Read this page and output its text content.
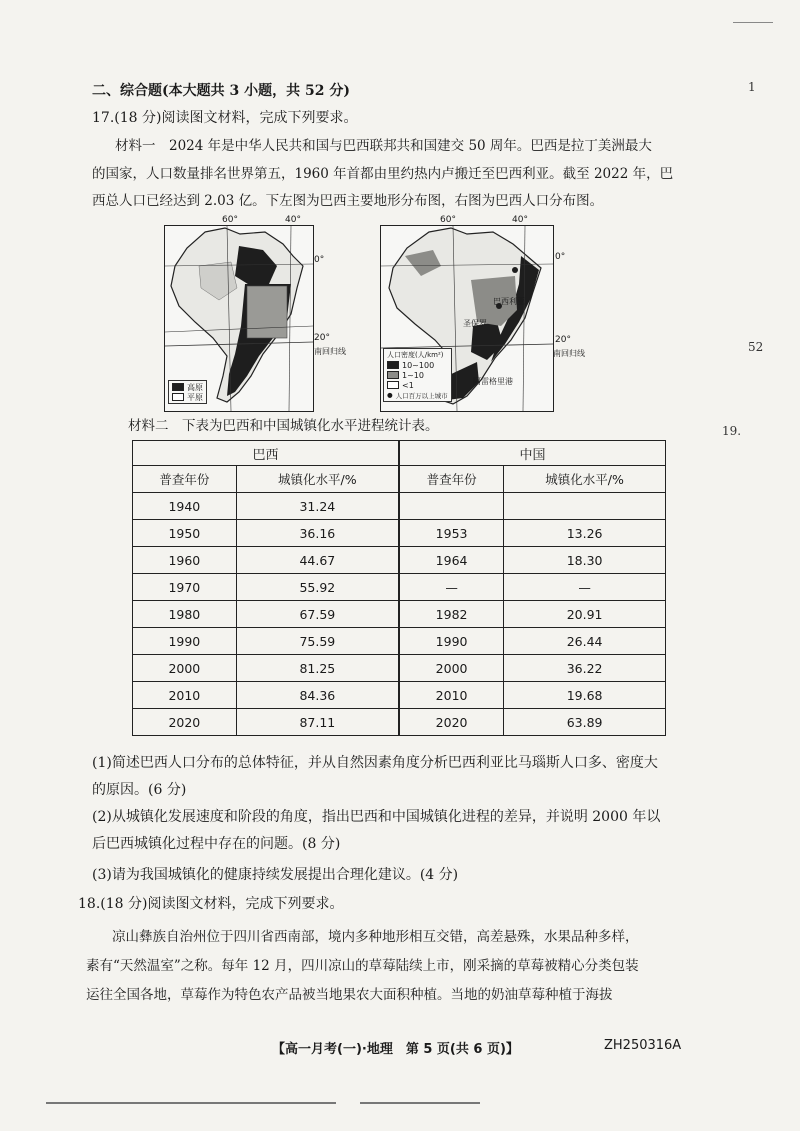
1
52
19.
二、综合题(本大题共 3 小题，共 52 分)
17.(18 分)阅读图文材料，完成下列要求。
材料一　2024 年是中华人民共和国与巴西联邦共和国建交 50 周年。巴西是拉丁美洲最大
的国家，人口数量排名世界第五，1960 年首都由里约热内卢搬迁至巴西利亚。截至 2022 年，巴
西总人口已经达到 2.03 亿。下左图为巴西主要地形分布图，右图为巴西人口分布图。
高原
平原
60°	40°
0°
20°
南回归线
巴西利亚
圣保罗
阿雷格里港
人口密度(人/km²)
10~100
1~10
<1
● 人口百万以上城市
60°	40°
0°
20°
南回归线
材料二　下表为巴西和中国城镇化水平进程统计表。
巴西		中国	
普查年份	城镇化水平/%	普查年份	城镇化水平/%
1940	31.24		
1950	36.16	1953	13.26
1960	44.67	1964	18.30
1970	55.92	—	—
1980	67.59	1982	20.91
1990	75.59	1990	26.44
2000	81.25	2000	36.22
2010	84.36	2010	19.68
2020	87.11	2020	63.89
(1)简述巴西人口分布的总体特征，并从自然因素角度分析巴西利亚比马瑙斯人口多、密度大
的原因。(6 分)
(2)从城镇化发展速度和阶段的角度，指出巴西和中国城镇化进程的差异，并说明 2000 年以
后巴西城镇化过程中存在的问题。(8 分)
(3)请为我国城镇化的健康持续发展提出合理化建议。(4 分)
18.(18 分)阅读图文材料，完成下列要求。
凉山彝族自治州位于四川省西南部，境内多种地形相互交错，高差悬殊，水果品种多样，
素有“天然温室”之称。每年 12 月，四川凉山的草莓陆续上市，刚采摘的草莓被精心分类包装
运往全国各地，草莓作为特色农产品被当地果农大面积种植。当地的奶油草莓种植于海拔
【高一月考(一)·地理　第 5 页(共 6 页)】	ZH250316A
